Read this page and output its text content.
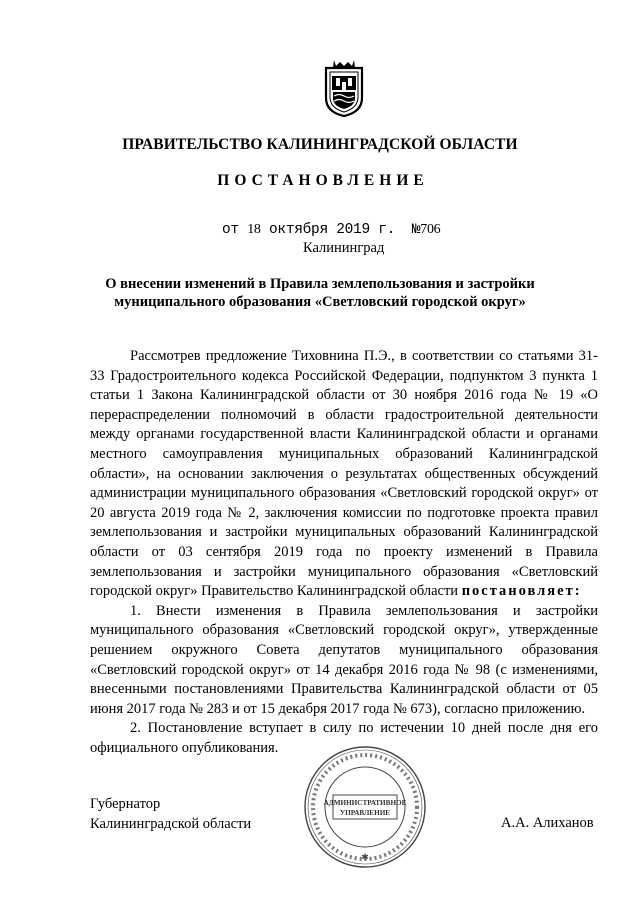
ПРАВИТЕЛЬСТВО КАЛИНИНГРАДСКОЙ ОБЛАСТИ
ПОСТАНОВЛЕНИЕ
от 18 октября 2019 г. №706
Калининград
О внесении изменений в Правила землепользования и застройки
муниципального образования «Светловский городской округ»

Рассмотрев предложение Тиховнина П.Э., в соответствии со статьями 31-33 Градостроительного кодекса Российской Федерации, подпунктом 3 пункта 1 статьи 1 Закона Калининградской области от 30 ноября 2016 года № 19 «О перераспределении полномочий в области градостроительной деятельности между органами государственной власти Калининградской области и органами местного самоуправления муниципальных образований Калининградской области», на основании заключения о результатах общественных обсуждений администрации муниципального образования «Светловский городской округ» от 20 августа 2019 года № 2, заключения комиссии по подготовке проекта правил землепользования и застройки муниципальных образований Калининградской области от 03 сентября 2019 года по проекту изменений в Правила землепользования и застройки муниципального образования «Светловский городской округ» Правительство Калининградской области постановляет:

1. Внести изменения в Правила землепользования и застройки муниципального образования «Светловский городской округ», утвержденные решением окружного Совета депутатов муниципального образования «Светловский городской округ» от 14 декабря 2016 года № 98 (с изменениями, внесенными постановлениями Правительства Калининградской области от 05 июня 2017 года № 283 и от 15 декабря 2017 года № 673), согласно приложению.

2. Постановление вступает в силу по истечении 10 дней после дня его официального опубликования.

Губернатор
Калининградской области	А.А. Алиханов
АДМИНИСТРАТИВНОЕ
УПРАВЛЕНИЕ
✱
